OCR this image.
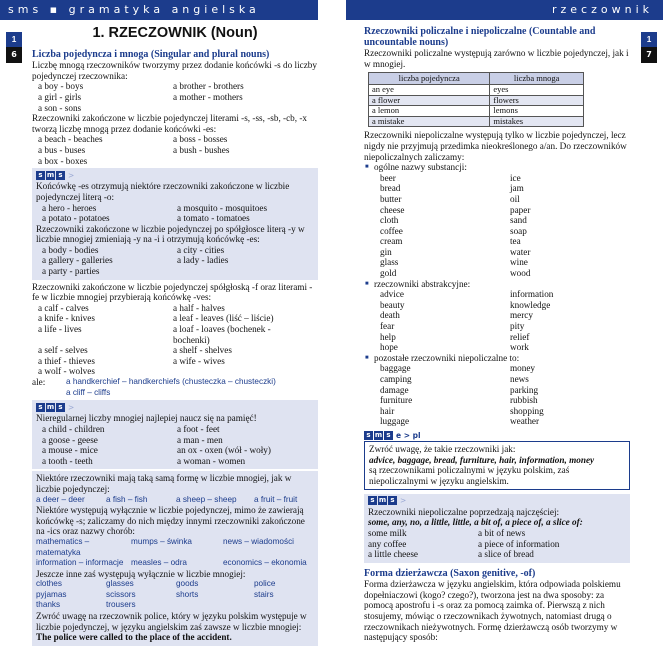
sms ▪ gramatyka angielska	rzeczownik
1
6
1
7
1. RZECZOWNIK (Noun)
Liczba pojedyncza i mnoga (Singular and plural nouns)

Liczbę mnogą rzeczowników tworzymy przez dodanie końcówki -s do liczby pojedynczej rzeczownika:

a boy - boys	a brother - brothers
a girl - girls	a mother - mothers
a son - sons

Rzeczowniki zakończone w liczbie pojedynczej literami -s, -ss, -sb, -cb, -x tworzą liczbę mnogą przez dodanie końcówki -es:

a beach - beaches	a boss - bosses
a bus - buses	a bush - bushes
a box - boxes
s m s >

Końcówkę -es otrzymują niektóre rzeczowniki zakończone w liczbie pojedynczej literą -o:

a hero - heroes	a mosquito - mosquitoes
a potato - potatoes	a tomato - tomatoes

Rzeczowniki zakończone w liczbie pojedynczej po spółgłosce literą -y w liczbie mnogiej zmieniają -y na -i i otrzymują końcówkę -es:

a body - bodies	a city - cities
a gallery - galleries	a lady - ladies
a party - parties

Rzeczowniki zakończone w liczbie pojedynczej spółgłoską -f oraz literami -fe w liczbie mnogiej przybierają końcówkę -ves:

a calf - calves	a half - halves
a knife - knives	a leaf - leaves (liść – liście)
a life - lives	a loaf - loaves (bochenek - bochenki)
a self - selves	a shelf - shelves
a thief - thieves	a wife - wives
a wolf - wolves
ale:	a handkerchief – handkerchiefs (chusteczka – chusteczki)
a cliff – cliffs
s m s >

Nieregularnej liczby mnogiej najlepiej naucz się na pamięć!

a child - children	a foot - feet
a goose - geese	a man - men
a mouse - mice	an ox - oxen (wół - woły)
a tooth - teeth	a woman - women

Niektóre rzeczowniki mają taką samą formę w liczbie mnogiej, jak w liczbie pojedynczej:

a deer – deer	a fish – fish	a sheep – sheep	a fruit – fruit

Niektóre występują wyłącznie w liczbie pojedynczej, mimo że zawierają końcówkę -s; zaliczamy do nich między innymi rzeczowniki zakończone na -ics oraz nazwy chorób:

mathematics – matematyka
mumps – świnka	news – wiadomości
information – informacje measles – odra	economics – ekonomia

Jeszcze inne zaś występują wyłącznie w liczbie mnogiej:

clothes	glasses	goods	police
pyjamas	scissors	shorts	stairs
thanks	trousers

Zwróć uwagę na rzeczownik police, który w języku polskim występuje w liczbie pojedynczej, w języku angielskim zaś zawsze w liczbie mnogiej:

The police were called to the place of the accident.

Rzeczowniki policzalne i niepoliczalne (Countable and uncountable nouns)

Rzeczowniki policzalne występują zarówno w liczbie pojedynczej, jak i w mnogiej.

liczba pojedyncza	liczba mnoga
an eye	eyes
a flower	flowers
a lemon	lemons
a mistake	mistakes

Rzeczowniki niepoliczalne występują tylko w liczbie pojedynczej, lecz nigdy nie przyjmują przedimka nieokreślonego a/an. Do rzeczowników niepoliczalnych zaliczamy:

■ ogólne nazwy substancji:
beer	ice
bread	jam
butter	oil
cheese	paper
cloth	sand
coffee	soap
cream	tea
gin	water
glass	wine
gold	wood
■ rzeczowniki abstrakcyjne:
advice	information
beauty	knowledge
death	mercy
fear	pity
help	relief
hope	work
■ pozostałe rzeczowniki niepoliczalne to:
baggage	money
camping	news
damage	parking
furniture	rubbish
hair	shopping
luggage	weather
s m s e > pl

Zwróć uwagę, że takie rzeczowniki jak:

advice, baggage, bread, furniture, hair, information, money

są rzeczownikami policzalnymi w języku polskim, zaś niepoliczalnymi w języku angielskim.

s m s >

Rzeczowniki niepoliczalne poprzedzają najczęściej:

some, any, no, a little, little, a bit of, a piece of, a slice of:

some milk	a bit of news
any coffee	a piece of information
a little cheese	a slice of bread
Forma dzierżawcza (Saxon genitive, -of)

Forma dzierżawcza w języku angielskim, która odpowiada polskiemu dopełniaczowi (kogo? czego?), tworzona jest na dwa sposoby: za pomocą apostrofu i -s oraz za pomocą zaimka of. Pierwszą z nich stosujemy, mówiąc o rzeczownikach żywotnych, natomiast drugą o rzeczownikach nieżywotnych. Formę dzierżawczą osób tworzymy w następujący sposób:
